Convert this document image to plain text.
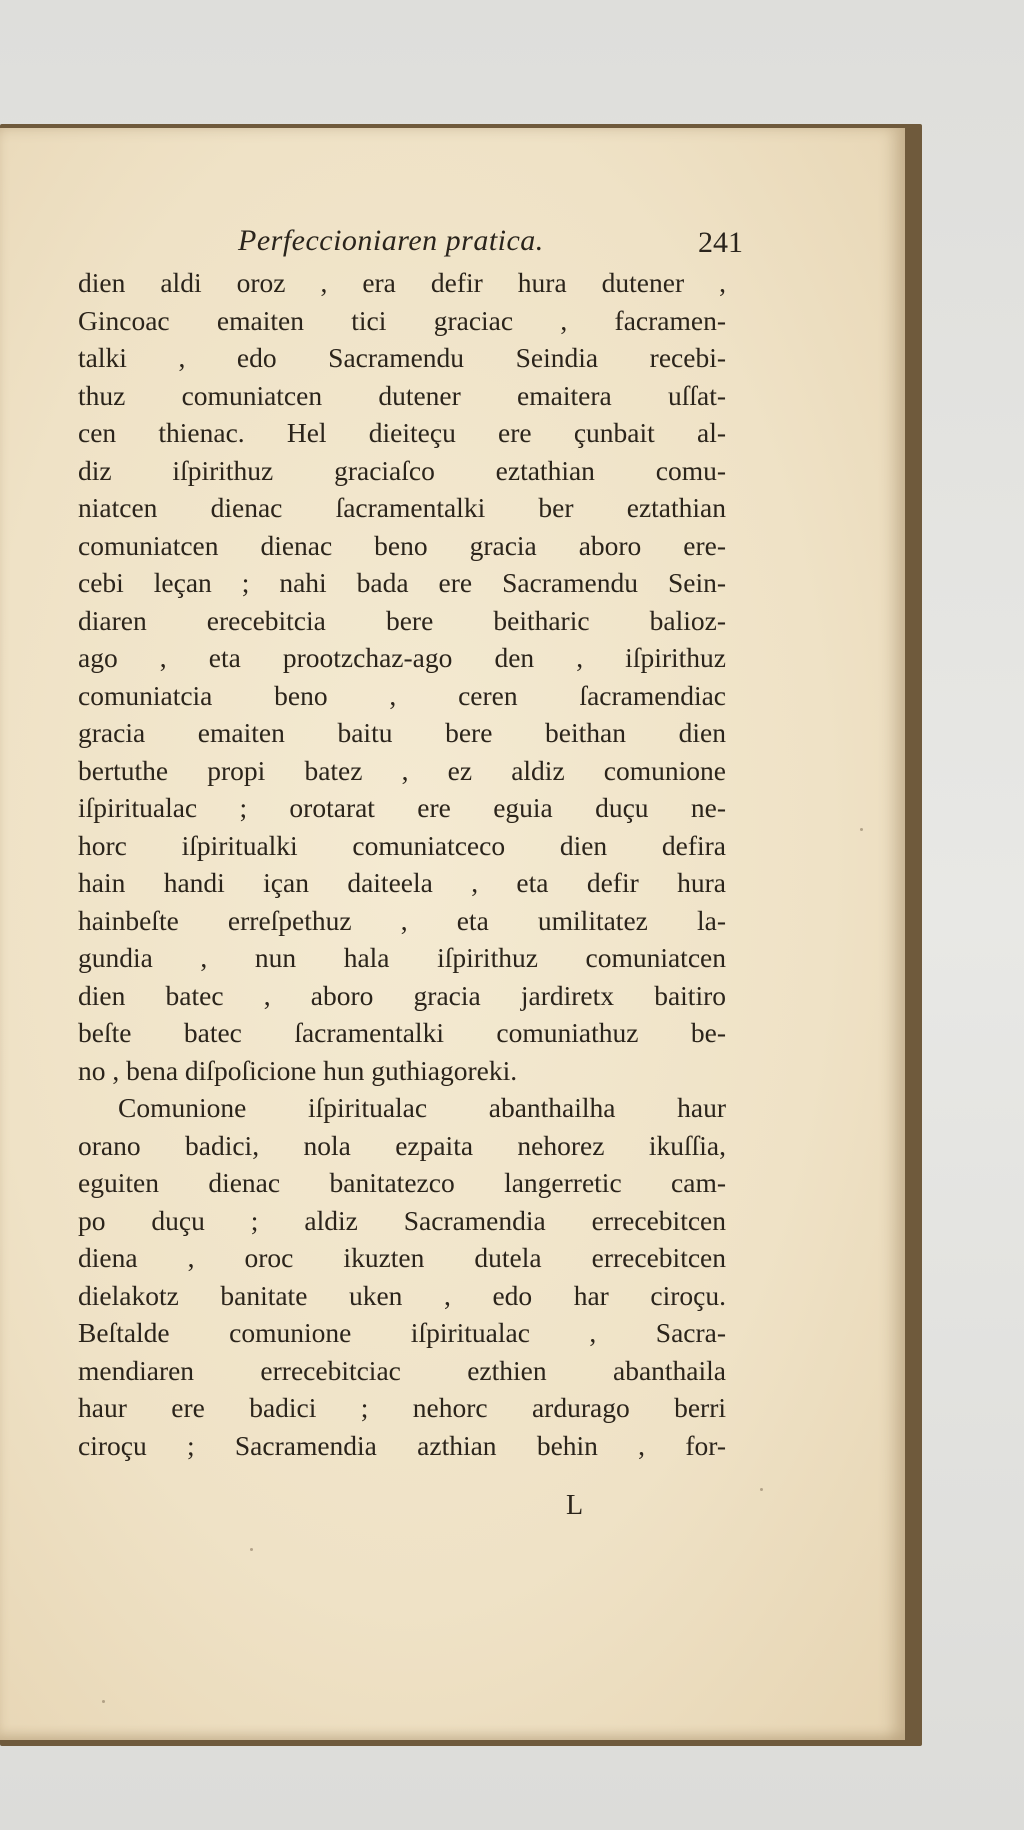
Perfeccioniaren pratica.	241
dien aldi oroz , era defir hura dutener ,
Gincoac emaiten tici graciac , facramen-
talki , edo Sacramendu Seindia recebi-
thuz comuniatcen dutener emaitera uſſat-
cen thienac. Hel dieiteçu ere çunbait al-
diz iſpirithuz graciaſco eztathian comu-
niatcen dienac ſacramentalki ber eztathian
comuniatcen dienac beno gracia aboro ere-
cebi leçan ; nahi bada ere Sacramendu Sein-
diaren erecebitcia bere beitharic balioz-
ago , eta prootzchaz-ago den , iſpirithuz
comuniatcia beno , ceren ſacramendiac
gracia emaiten baitu bere beithan dien
bertuthe propi batez , ez aldiz comunione
iſpiritualac ; orotarat ere eguia duçu ne-
horc iſpiritualki comuniatceco dien defira
hain handi içan daiteela , eta defir hura
hainbeſte erreſpethuz , eta umilitatez la-
gundia , nun hala iſpirithuz comuniatcen
dien batec , aboro gracia jardiretx baitiro
beſte batec ſacramentalki comuniathuz be-
no , bena diſpoſicione hun guthiagoreki.
Comunione iſpiritualac abanthailha haur
orano badici, nola ezpaita nehorez ikuſſia,
eguiten dienac banitatezco langerretic cam-
po duçu ; aldiz Sacramendia errecebitcen
diena , oroc ikuzten dutela errecebitcen
dielakotz banitate uken , edo har ciroçu.
Beſtalde comunione iſpiritualac , Sacra-
mendiaren errecebitciac ezthien abanthaila
haur ere badici ; nehorc ardurago berri
ciroçu ; Sacramendia azthian behin , for-
L
